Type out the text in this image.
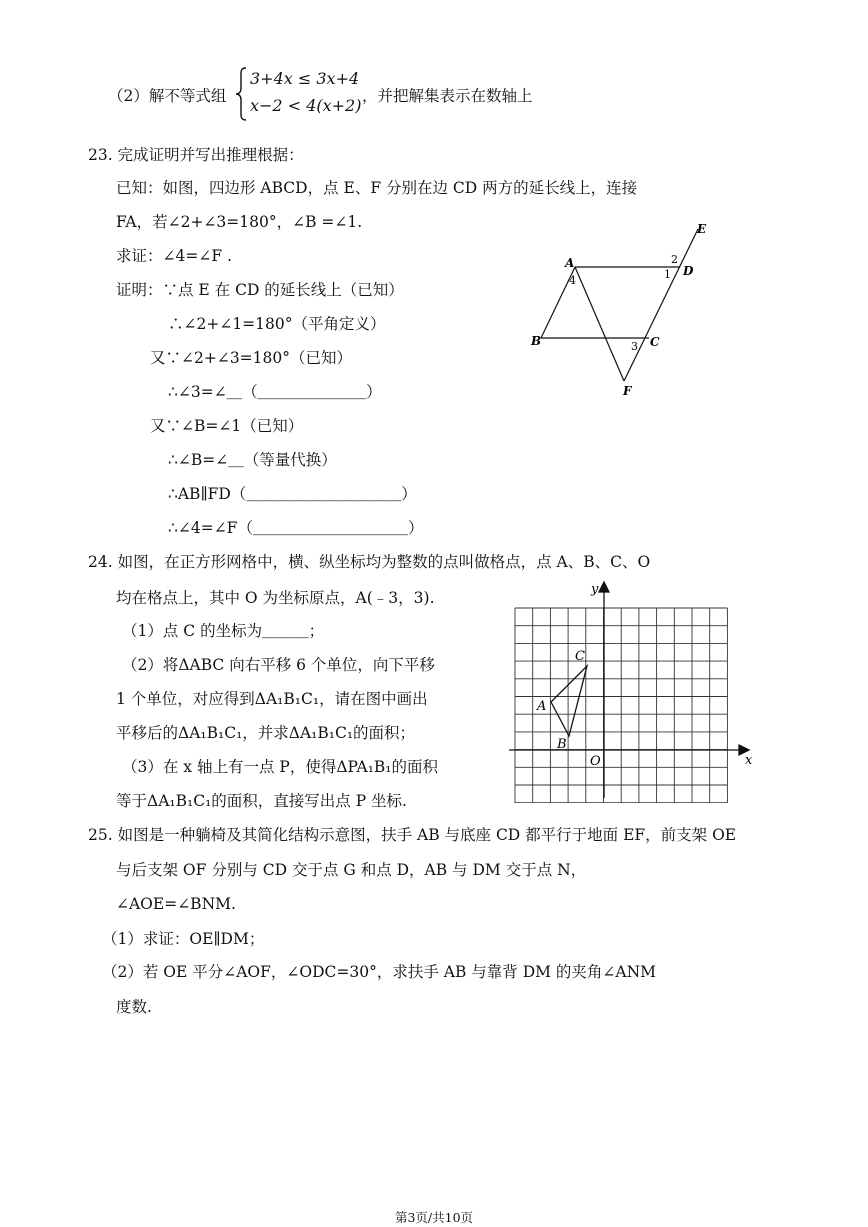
（2）解不等式组
3+4x ≤ 3x+4
x−2 < 4(x+2) ，并把解集表示在数轴上
23. 完成证明并写出推理根据：
已知：如图，四边形 ABCD，点 E、F 分别在边 CD 两方的延长线上，连接
FA，若∠2+∠3=180°，∠B =∠1.
求证：∠4=∠F .
证明：∵点 E 在 CD 的延长线上（已知）
∴∠2+∠1=180°（平角定义）
又∵∠2+∠3=180°（已知）
∴∠3=∠＿（＿＿＿＿＿＿＿）
又∵∠B=∠1（已知）
∴∠B=∠＿（等量代换）
∴AB∥FD（＿＿＿＿＿＿＿＿＿＿）
∴∠4=∠F（＿＿＿＿＿＿＿＿＿＿）
A
4
B	C
3
D
1
2
E
F
24. 如图，在正方形网格中，横、纵坐标均为整数的点叫做格点，点 A、B、C、O
均在格点上，其中 O 为坐标原点，A(﹣3，3).
（1）点 C 的坐标为＿＿＿；
（2）将ΔABC 向右平移 6 个单位，向下平移
1 个单位，对应得到ΔA₁B₁C₁，请在图中画出
平移后的ΔA₁B₁C₁，并求ΔA₁B₁C₁的面积；
（3）在 x 轴上有一点 P，使得ΔPA₁B₁的面积
等于ΔA₁B₁C₁的面积，直接写出点 P 坐标.
x
y
O
A
B
C
25. 如图是一种躺椅及其简化结构示意图，扶手 AB 与底座 CD 都平行于地面 EF，前支架 OE
与后支架 OF 分别与 CD 交于点 G 和点 D，AB 与 DM 交于点 N，
∠AOE=∠BNM.
（1）求证：OE∥DM；
（2）若 OE 平分∠AOF，∠ODC=30°，求扶手 AB 与靠背 DM 的夹角∠ANM
度数.
第3页/共10页
